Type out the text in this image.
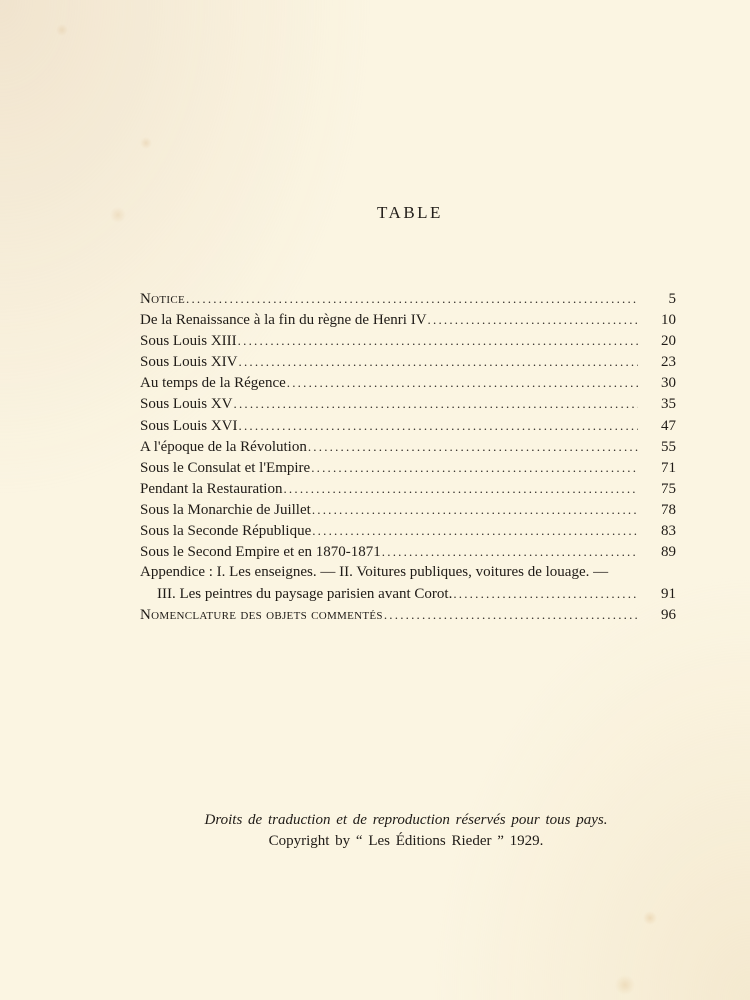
TABLE
Notice .....	5
De la Renaissance à la fin du règne de Henri IV .....	10
Sous Louis XIII .....	20
Sous Louis XIV .....	23
Au temps de la Régence .....	30
Sous Louis XV .....	35
Sous Louis XVI .....	47
A l'époque de la Révolution .....	55
Sous le Consulat et l'Empire .....	71
Pendant la Restauration .....	75
Sous la Monarchie de Juillet .....	78
Sous la Seconde République .....	83
Sous le Second Empire et en 1870-1871 .....	89
Appendice : I. Les enseignes. — II. Voitures publiques, voitures de louage. —
III. Les peintres du paysage parisien avant Corot. .....	91
Nomenclature des objets commentés .....	96
Droits de traduction et de reproduction réservés pour tous pays.
Copyright by “ Les Éditions Rieder ” 1929.
